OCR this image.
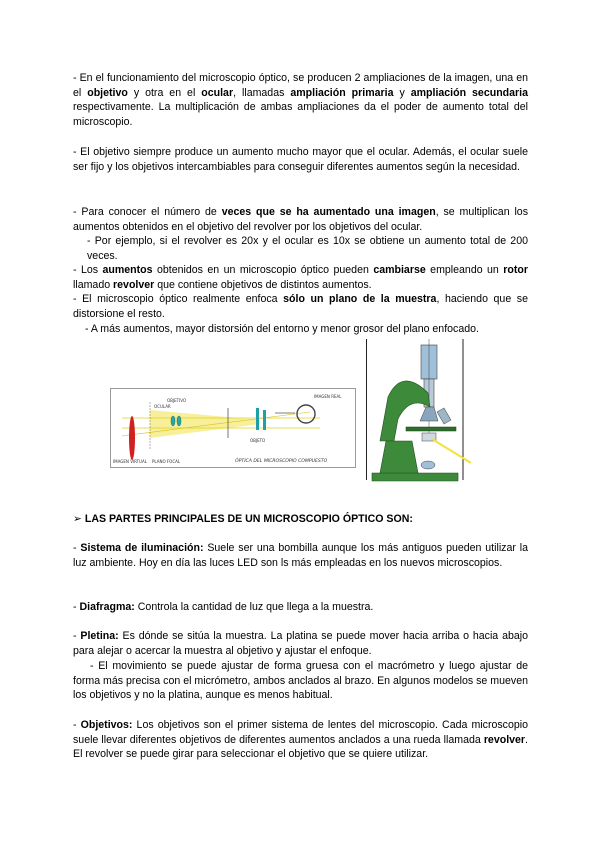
- En el funcionamiento del microscopio óptico, se producen 2 ampliaciones de la imagen, una en el objetivo y otra en el ocular, llamadas ampliación primaria y ampliación secundaria respectivamente. La multiplicación de ambas ampliaciones da el poder de aumento total del microscopio.

- El objetivo siempre produce un aumento mucho mayor que el ocular. Además, el ocular suele ser fijo y los objetivos intercambiables para conseguir diferentes aumentos según la necesidad.

- Para conocer el número de veces que se ha aumentado una imagen, se multiplican los aumentos obtenidos en el objetivo del revolver por los objetivos del ocular.

- Por ejemplo, si el revolver es 20x y el ocular es 10x se obtiene un aumento total de 200 veces.

- Los aumentos obtenidos en un microscopio óptico pueden cambiarse empleando un rotor llamado revolver que contiene objetivos de distintos aumentos.

- El microscopio óptico realmente enfoca sólo un plano de la muestra, haciendo que se distorsione el resto.

- A más aumentos, mayor distorsión del entorno y menor grosor del plano enfocado.

OCULAR
OBJETIVO
IMAGEN VIRTUAL PLANO FOCAL
OBJETO
IMAGEN REAL
ÓPTICA DEL MICROSCOPIO COMPUESTO
➢ LAS PARTES PRINCIPALES DE UN MICROSCOPIO ÓPTICO SON:

- Sistema de iluminación: Suele ser una bombilla aunque los más antiguos pueden utilizar la luz ambiente. Hoy en día las luces LED son ls más empleadas en los nuevos microscopios.

- Diafragma: Controla la cantidad de luz que llega a la muestra.

- Pletina: Es dónde se sitúa la muestra. La platina se puede mover hacia arriba o hacia abajo para alejar o acercar la muestra al objetivo y ajustar el enfoque.

- El movimiento se puede ajustar de forma gruesa con el macrómetro y luego ajustar de forma más precisa con el micrómetro, ambos anclados al brazo. En algunos modelos se mueven los objetivos y no la platina, aunque es menos habitual.

- Objetivos: Los objetivos son el primer sistema de lentes del microscopio. Cada microscopio suele llevar diferentes objetivos de diferentes aumentos anclados a una rueda llamada revolver. El revolver se puede girar para seleccionar el objetivo que se quiere utilizar.
